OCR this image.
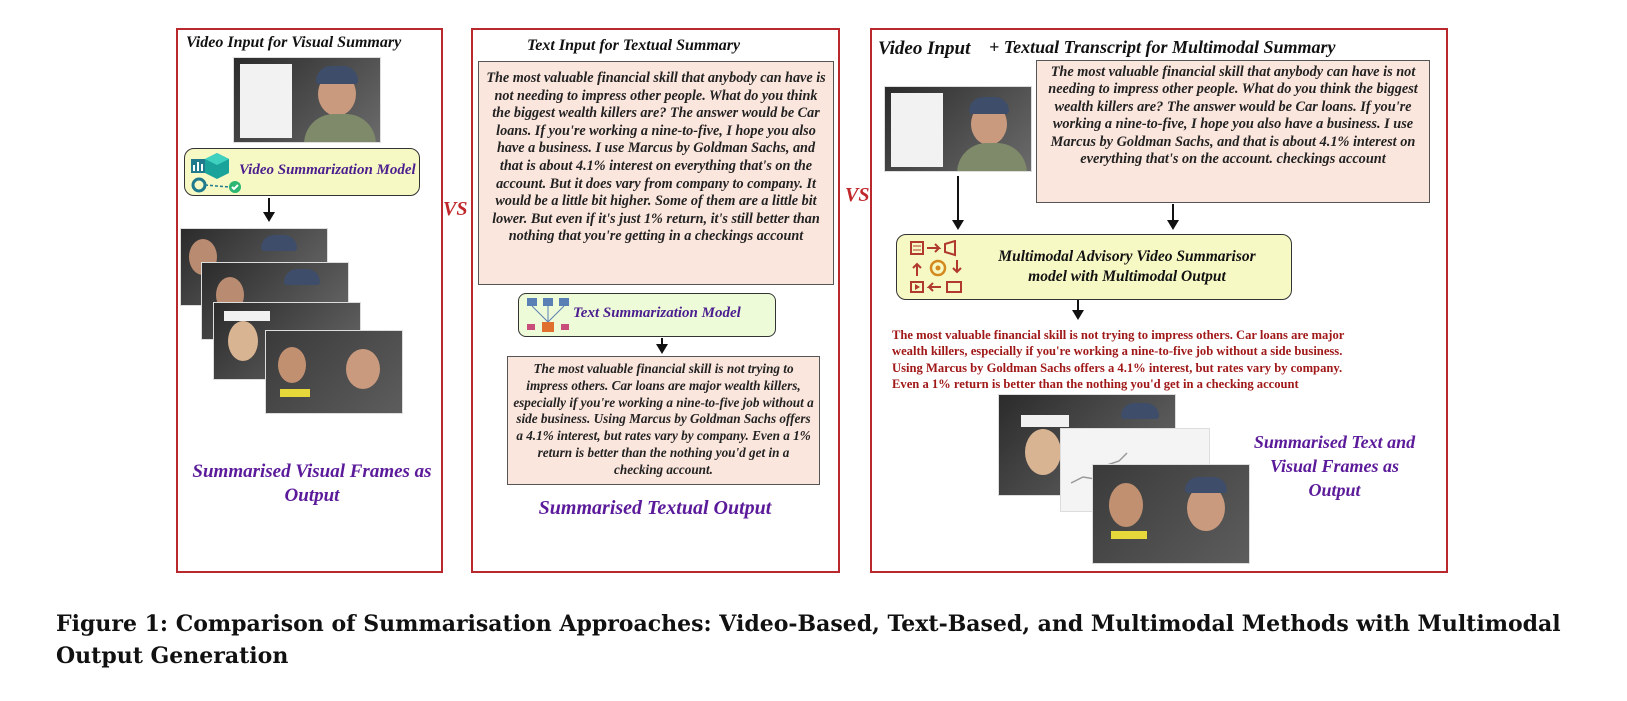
Video Input for Visual Summary
Video Summarization Model
Summarised Visual Frames as Output
VS
Text Input for Textual Summary
The most valuable financial skill that anybody can have is not needing to impress other people. What do you think the biggest wealth killers are? The answer would be Car loans. If you're working a nine-to-five, I hope you also have a business. I use Marcus by Goldman Sachs, and that is about 4.1% interest on everything that's on the account. But it does vary from company to company. It would be a little bit higher. Some of them are a little bit lower. But even if it's just 1% return, it's still better than nothing that you're getting in a checkings account
Text Summarization Model
The most valuable financial skill is not trying to impress others. Car loans are major wealth killers, especially if you're working a nine-to-five job without a side business. Using Marcus by Goldman Sachs offers a 4.1% interest, but rates vary by company. Even a 1% return is better than the nothing you'd get in a checking account.
Summarised Textual Output
VS
Video Input + Textual Transcript for Multimodal Summary
The most valuable financial skill that anybody can have is not needing to impress other people. What do you think the biggest wealth killers are? The answer would be Car loans. If you're working a nine-to-five, I hope you also have a business. I use Marcus by Goldman Sachs, and that is about 4.1% interest on everything that's on the account. checkings account
Multimodal Advisory Video Summarisor
model with Multimodal Output
The most valuable financial skill is not trying to impress others. Car loans are major wealth killers, especially if you're working a nine-to-five job without a side business. Using Marcus by Goldman Sachs offers a 4.1% interest, but rates vary by company. Even a 1% return is better than the nothing you'd get in a checking account
Summarised Text and Visual Frames as Output
Figure 1: Comparison of Summarisation Approaches: Video-Based, Text-Based, and Multimodal Methods with Multimodal Output Generation
